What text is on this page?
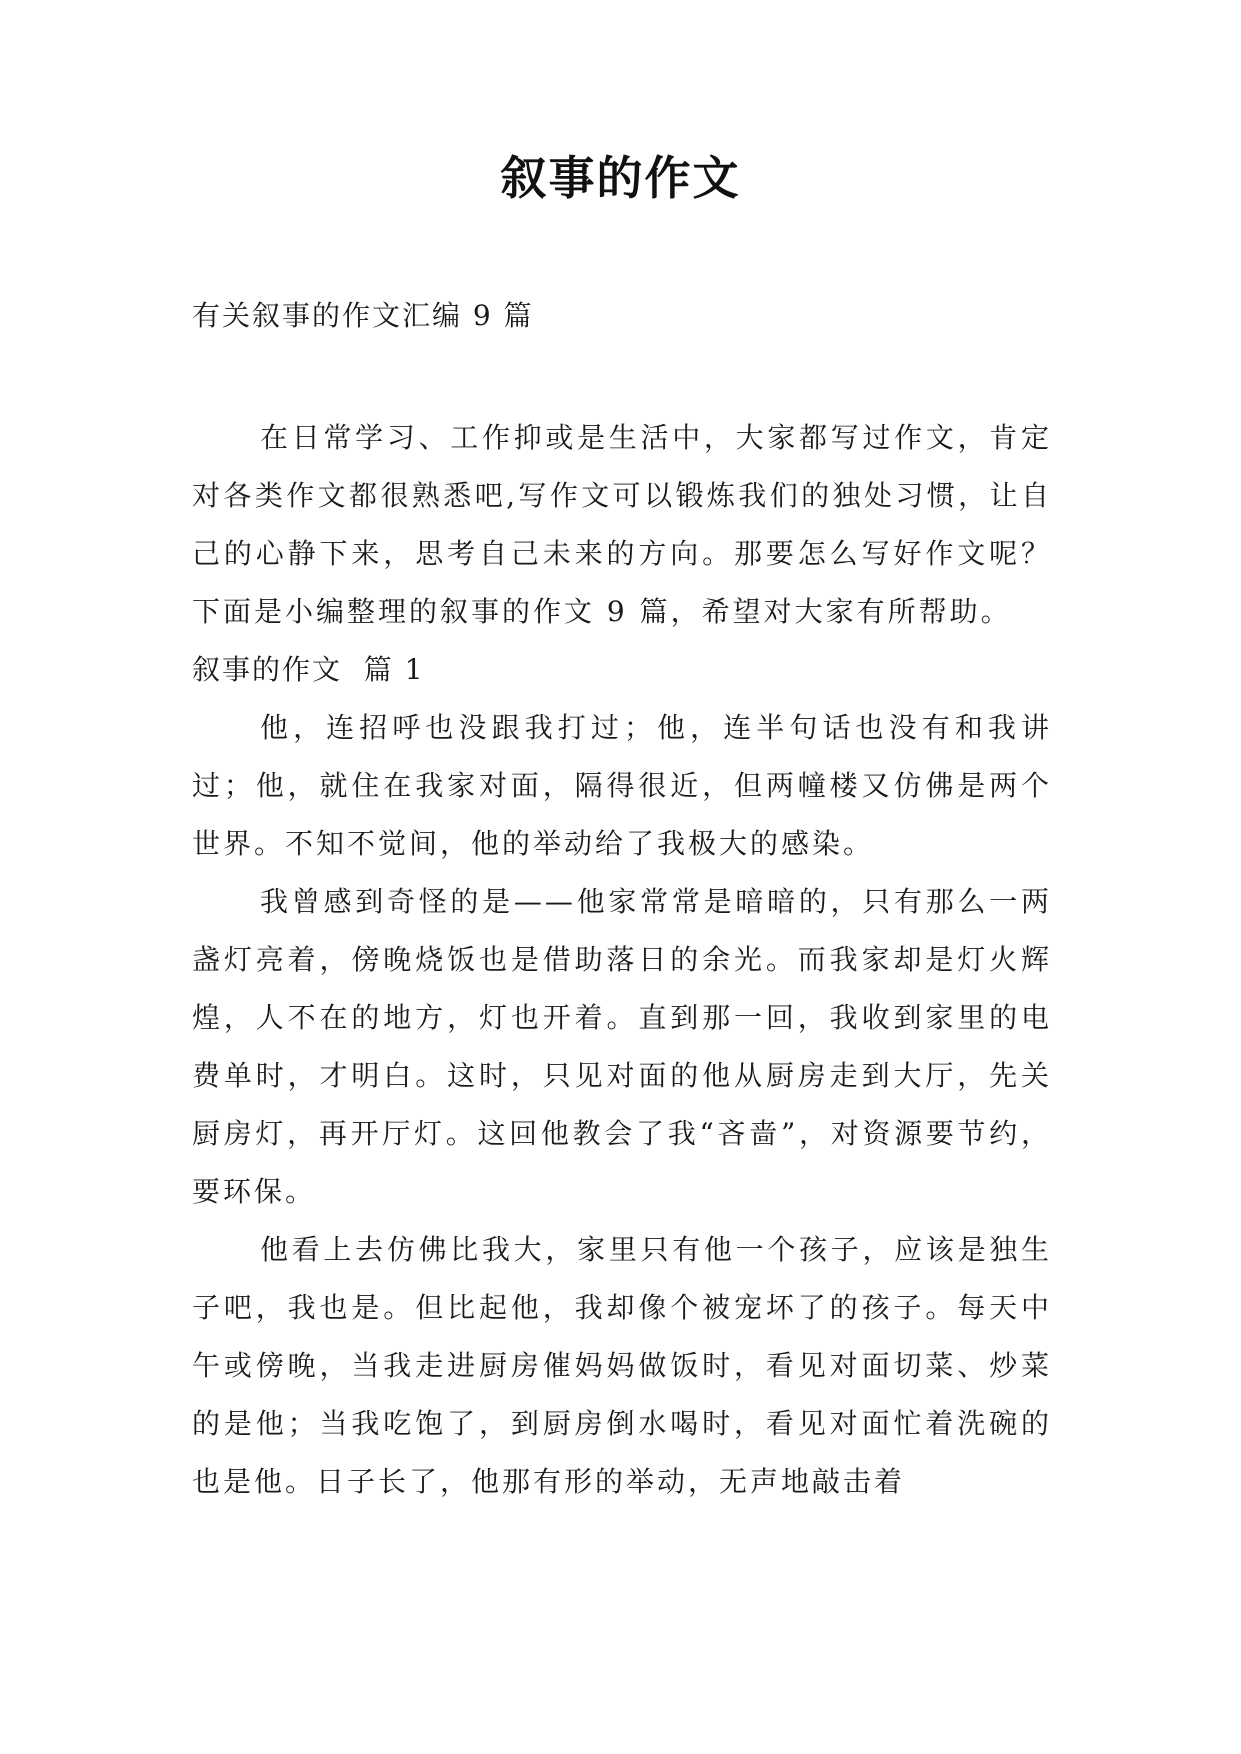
叙事的作文
有关叙事的作文汇编 9 篇

在日常学习、工作抑或是生活中，大家都写过作文，肯定对各类作文都很熟悉吧,写作文可以锻炼我们的独处习惯，让自己的心静下来，思考自己未来的方向。那要怎么写好作文呢？下面是小编整理的叙事的作文 9 篇，希望对大家有所帮助。

叙事的作文  篇 1

他，连招呼也没跟我打过；他，连半句话也没有和我讲过；他，就住在我家对面，隔得很近，但两幢楼又仿佛是两个世界。不知不觉间，他的举动给了我极大的感染。

我曾感到奇怪的是——他家常常是暗暗的，只有那么一两盏灯亮着，傍晚烧饭也是借助落日的余光。而我家却是灯火辉煌，人不在的地方，灯也开着。直到那一回，我收到家里的电费单时，才明白。这时，只见对面的他从厨房走到大厅，先关厨房灯，再开厅灯。这回他教会了我“吝啬”，对资源要节约，要环保。

他看上去仿佛比我大，家里只有他一个孩子，应该是独生子吧，我也是。但比起他，我却像个被宠坏了的孩子。每天中午或傍晚，当我走进厨房催妈妈做饭时，看见对面切菜、炒菜的是他；当我吃饱了，到厨房倒水喝时，看见对面忙着洗碗的也是他。日子长了，他那有形的举动，无声地敲击着
